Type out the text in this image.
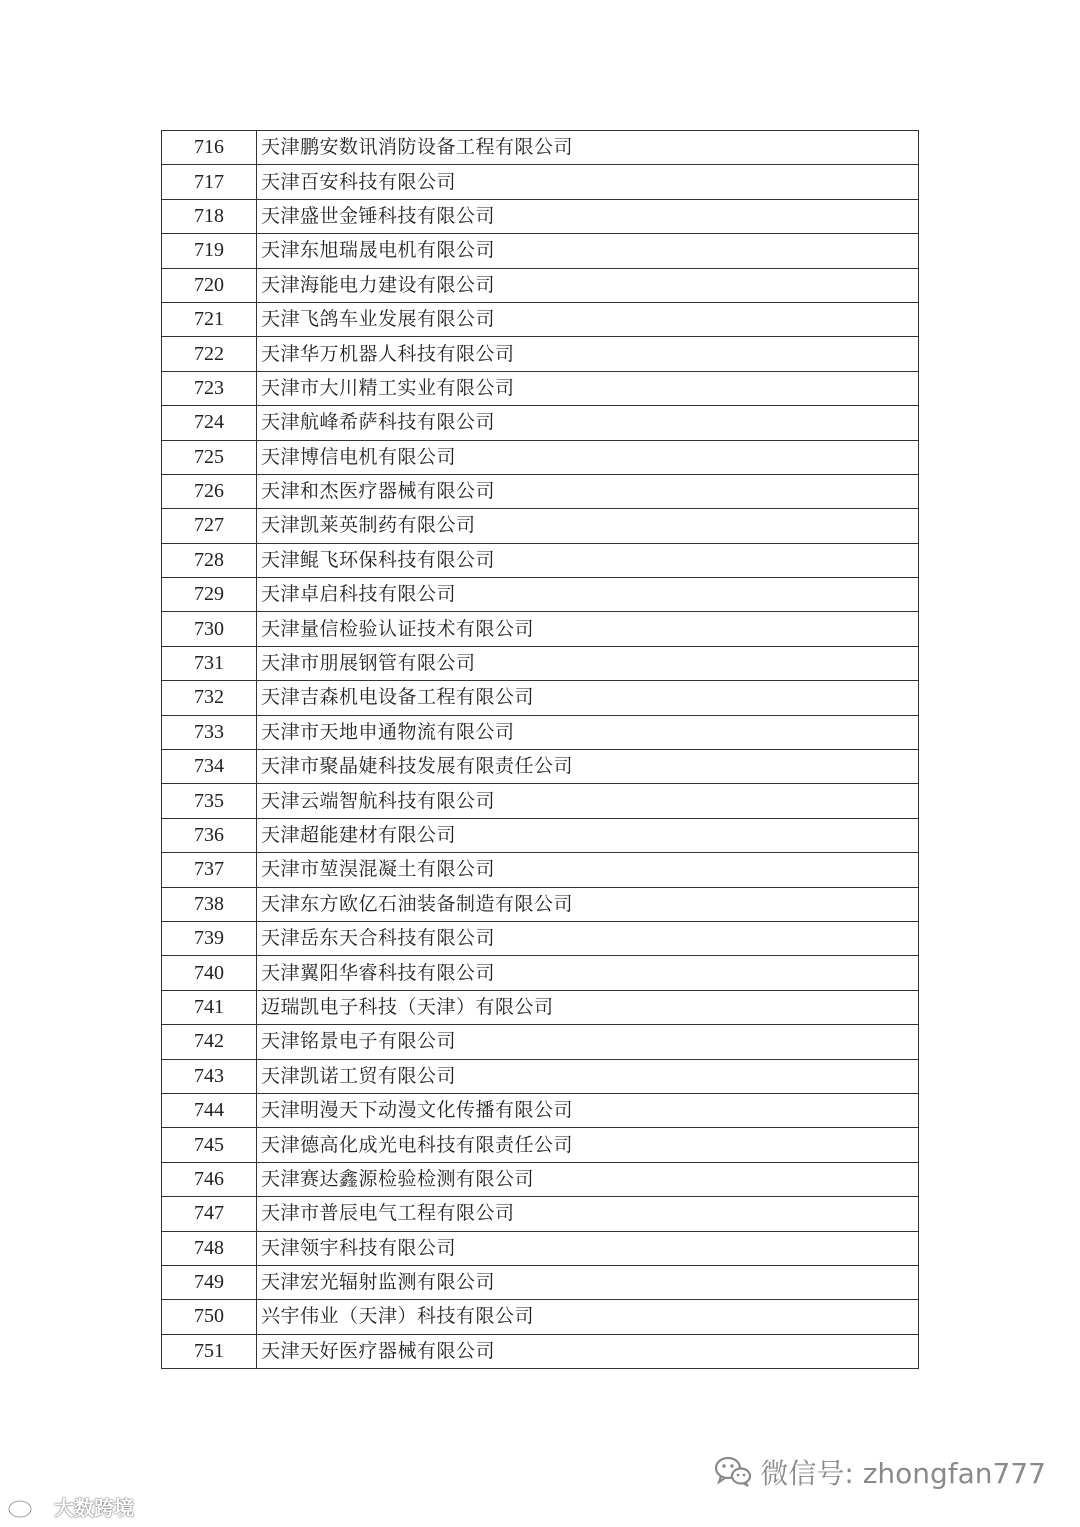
716	天津鹏安数讯消防设备工程有限公司
717	天津百安科技有限公司
718	天津盛世金锤科技有限公司
719	天津东旭瑞晟电机有限公司
720	天津海能电力建设有限公司
721	天津飞鸽车业发展有限公司
722	天津华万机器人科技有限公司
723	天津市大川精工实业有限公司
724	天津航峰希萨科技有限公司
725	天津博信电机有限公司
726	天津和杰医疗器械有限公司
727	天津凯莱英制药有限公司
728	天津鲲飞环保科技有限公司
729	天津卓启科技有限公司
730	天津量信检验认证技术有限公司
731	天津市朋展钢管有限公司
732	天津吉森机电设备工程有限公司
733	天津市天地申通物流有限公司
734	天津市聚晶婕科技发展有限责任公司
735	天津云端智航科技有限公司
736	天津超能建材有限公司
737	天津市堃淏混凝土有限公司
738	天津东方欧亿石油装备制造有限公司
739	天津岳东天合科技有限公司
740	天津翼阳华睿科技有限公司
741	迈瑞凯电子科技（天津）有限公司
742	天津铭景电子有限公司
743	天津凯诺工贸有限公司
744	天津明漫天下动漫文化传播有限公司
745	天津德高化成光电科技有限责任公司
746	天津赛达鑫源检验检测有限公司
747	天津市普辰电气工程有限公司
748	天津领宇科技有限公司
749	天津宏光辐射监测有限公司
750	兴宇伟业（天津）科技有限公司
751	天津天好医疗器械有限公司
微信号: zhongfan777
大数跨境
